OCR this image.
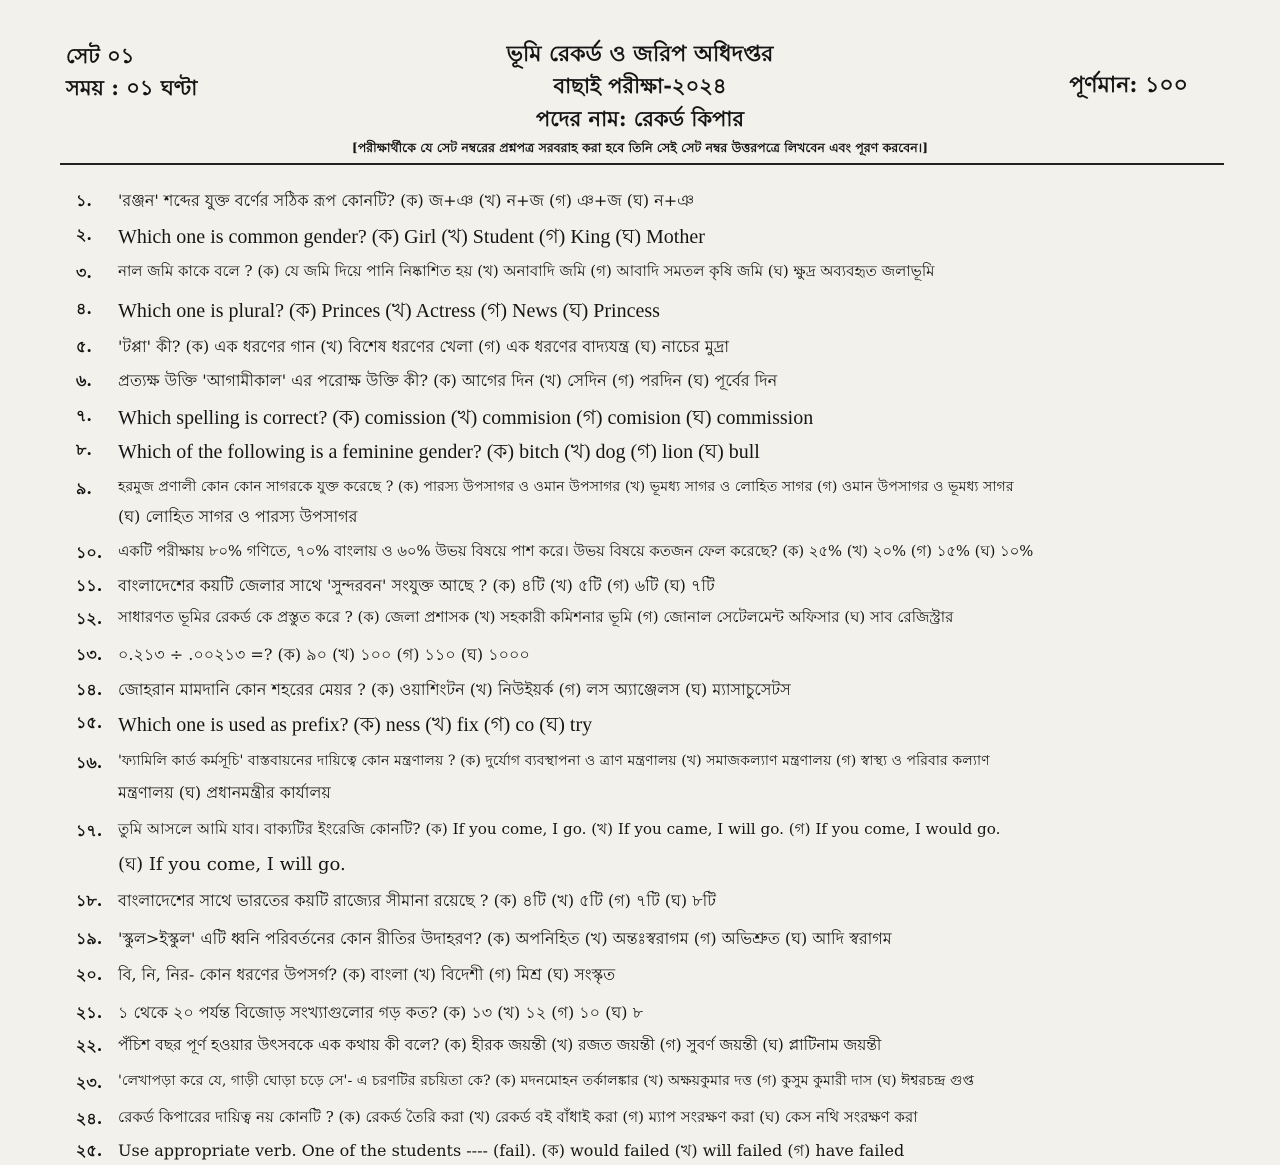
সেট ০১
সময় : ০১ ঘণ্টা
ভূমি রেকর্ড ও জরিপ অধিদপ্তর
বাছাই পরীক্ষা-২০২৪
পদের নাম: রেকর্ড কিপার
পূর্ণমান: ১০০
[পরীক্ষার্থীকে যে সেট নম্বরের প্রশ্নপত্র সরবরাহ করা হবে তিনি সেই সেট নম্বর উত্তরপত্রে লিখবেন এবং পূরণ করবেন।]
১.	'রঞ্জন' শব্দের যুক্ত বর্ণের সঠিক রূপ কোনটি? (ক) জ+ঞ (খ) ন+জ (গ) ঞ+জ (ঘ) ন+ঞ
২.	Which one is common gender? (ক) Girl (খ) Student (গ) King (ঘ) Mother
৩.	নাল জমি কাকে বলে ? (ক) যে জমি দিয়ে পানি নিষ্কাশিত হয় (খ) অনাবাদি জমি (গ) আবাদি সমতল কৃষি জমি (ঘ) ক্ষুদ্র অব্যবহৃত জলাভূমি
৪.	Which one is plural? (ক) Princes (খ) Actress (গ) News (ঘ) Princess
৫.	'টপ্পা' কী? (ক) এক ধরণের গান (খ) বিশেষ ধরণের খেলা (গ) এক ধরণের বাদ্যযন্ত্র (ঘ) নাচের মুদ্রা
৬.	প্রত্যক্ষ উক্তি 'আগামীকাল' এর পরোক্ষ উক্তি কী? (ক) আগের দিন (খ) সেদিন (গ) পরদিন (ঘ) পূর্বের দিন
৭.	Which spelling is correct? (ক) comission (খ) commision (গ) comision (ঘ) commission
৮.	Which of the following is a feminine gender? (ক) bitch (খ) dog (গ) lion (ঘ) bull
৯.	হরমুজ প্রণালী কোন কোন সাগরকে যুক্ত করেছে ? (ক) পারস্য উপসাগর ও ওমান উপসাগর (খ) ভূমধ্য সাগর ও লোহিত সাগর (গ) ওমান উপসাগর ও ভূমধ্য সাগর
(ঘ) লোহিত সাগর ও পারস্য উপসাগর
১০.	একটি পরীক্ষায় ৮০% গণিতে, ৭০% বাংলায় ও ৬০% উভয় বিষয়ে পাশ করে। উভয় বিষয়ে কতজন ফেল করেছে? (ক) ২৫% (খ) ২০% (গ) ১৫% (ঘ) ১০%
১১. বাংলাদেশের কয়টি জেলার সাথে 'সুন্দরবন' সংযুক্ত আছে ? (ক) ৪টি (খ) ৫টি (গ) ৬টি (ঘ) ৭টি
১২.	সাধারণত ভূমির রেকর্ড কে প্রস্তুত করে ? (ক) জেলা প্রশাসক (খ) সহকারী কমিশনার ভূমি (গ) জোনাল সেটেলমেন্ট অফিসার (ঘ) সাব রেজিস্ট্রার
১৩. ০.২১৩ ÷ .০০২১৩ =? (ক) ৯০ (খ) ১০০ (গ) ১১০ (ঘ) ১০০০
১৪. জোহরান মামদানি কোন শহরের মেয়র ? (ক) ওয়াশিংটন (খ) নিউইয়র্ক (গ) লস অ্যাঞ্জেলস (ঘ) ম্যাসাচুসেটস
১৫. Which one is used as prefix? (ক) ness (খ) fix (গ) co (ঘ) try
১৬.	'ফ্যামিলি কার্ড কর্মসূচি' বাস্তবায়নের দায়িত্বে কোন মন্ত্রণালয় ? (ক) দুর্যোগ ব্যবস্থাপনা ও ত্রাণ মন্ত্রণালয় (খ) সমাজকল্যাণ মন্ত্রণালয় (গ) স্বাস্থ্য ও পরিবার কল্যাণ
মন্ত্রণালয় (ঘ) প্রধানমন্ত্রীর কার্যালয়
১৭.	তুমি আসলে আমি যাব। বাক্যটির ইংরেজি কোনটি? (ক) If you come, I go. (খ) If you came, I will go. (গ) If you come, I would go.
(ঘ) If you come, I will go.
১৮. বাংলাদেশের সাথে ভারতের কয়টি রাজ্যের সীমানা রয়েছে ? (ক) ৪টি (খ) ৫টি (গ) ৭টি (ঘ) ৮টি
১৯. 'স্কুল>ইস্কুল' এটি ধ্বনি পরিবর্তনের কোন রীতির উদাহরণ? (ক) অপনিহিত (খ) অন্তঃস্বরাগম (গ) অভিশ্রুত (ঘ) আদি স্বরাগম
২০. বি, নি, নির- কোন ধরণের উপসর্গ? (ক) বাংলা (খ) বিদেশী (গ) মিশ্র (ঘ) সংস্কৃত
২১. ১ থেকে ২০ পর্যন্ত বিজোড় সংখ্যাগুলোর গড় কত? (ক) ১৩ (খ) ১২ (গ) ১০ (ঘ) ৮
২২.	পঁচিশ বছর পূর্ণ হওয়ার উৎসবকে এক কথায় কী বলে? (ক) হীরক জয়ন্তী (খ) রজত জয়ন্তী (গ) সুবর্ণ জয়ন্তী (ঘ) প্লাটিনাম জয়ন্তী
২৩.	'লেখাপড়া করে যে, গাড়ী ঘোড়া চড়ে সে'- এ চরণটির রচয়িতা কে? (ক) মদনমোহন তর্কালঙ্কার (খ) অক্ষয়কুমার দত্ত (গ) কুসুম কুমারী দাস (ঘ) ঈশ্বরচন্দ্র গুপ্ত
২৪.	রেকর্ড কিপারের দায়িত্ব নয় কোনটি ? (ক) রেকর্ড তৈরি করা (খ) রেকর্ড বই বাঁধাই করা (গ) ম্যাপ সংরক্ষণ করা (ঘ) কেস নথি সংরক্ষণ করা
২৫. Use appropriate verb. One of the students ---- (fail). (ক) would failed (খ) will failed (গ) have failed
